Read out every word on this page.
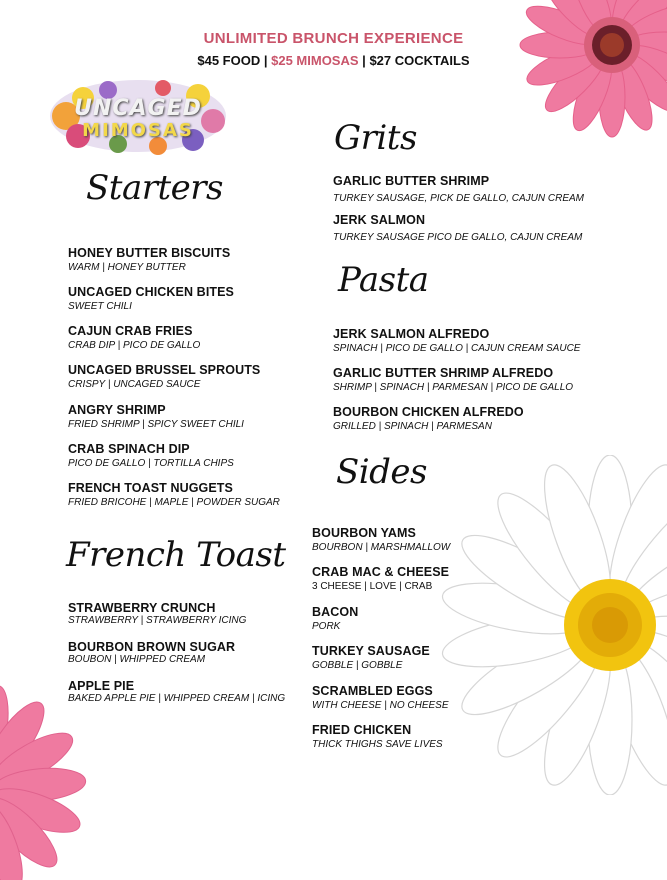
UNLIMITED BRUNCH EXPERIENCE
$45 FOOD | $25 MIMOSAS | $27 COCKTAILS
UNCAGED
MIMOSAS
Starters
French Toast
Grits
Pasta
Sides
HONEY BUTTER BISCUITS
WARM | HONEY BUTTER
UNCAGED CHICKEN BITES
SWEET CHILI
CAJUN CRAB FRIES
CRAB DIP | PICO DE GALLO
UNCAGED BRUSSEL SPROUTS
CRISPY | UNCAGED SAUCE
ANGRY SHRIMP
FRIED SHRIMP | SPICY SWEET CHILI
CRAB SPINACH DIP
PICO DE GALLO | TORTILLA CHIPS
FRENCH TOAST NUGGETS
FRIED BRICOHE | MAPLE | POWDER SUGAR
STRAWBERRY CRUNCH
STRAWBERRY | STRAWBERRY ICING
BOURBON BROWN SUGAR
BOUBON | WHIPPED CREAM
APPLE PIE
BAKED APPLE PIE | WHIPPED CREAM | ICING
GARLIC BUTTER SHRIMP
TURKEY SAUSAGE, PICK DE GALLO, CAJUN CREAM
JERK SALMON
TURKEY SAUSAGE PICO DE GALLO, CAJUN CREAM
JERK SALMON ALFREDO
SPINACH | PICO DE GALLO | CAJUN CREAM SAUCE
GARLIC BUTTER SHRIMP ALFREDO
SHRIMP | SPINACH | PARMESAN | PICO DE GALLO
BOURBON CHICKEN ALFREDO
GRILLED | SPINACH | PARMESAN
BOURBON YAMS
BOURBON | MARSHMALLOW
CRAB MAC & CHEESE
3 CHEESE | LOVE | CRAB
BACON
PORK
TURKEY SAUSAGE
GOBBLE | GOBBLE
SCRAMBLED EGGS
WITH CHEESE | NO CHEESE
FRIED CHICKEN
THICK THIGHS SAVE LIVES
